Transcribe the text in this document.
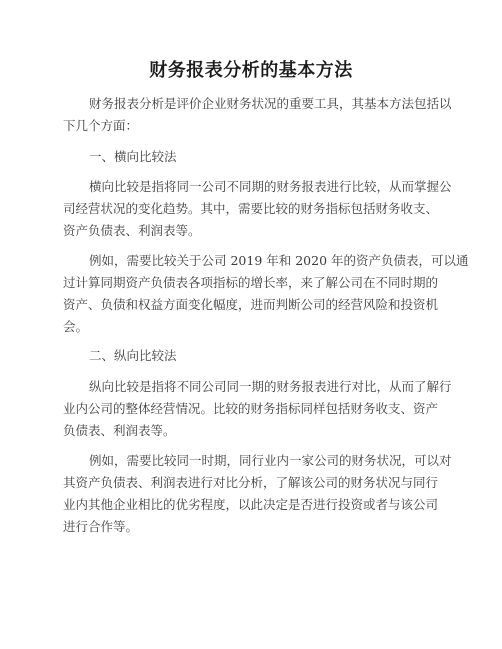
财务报表分析的基本方法
财务报表分析是评价企业财务状况的重要工具，其基本方法包括以
下几个方面：
一、横向比较法
横向比较是指将同一公司不同期的财务报表进行比较，从而掌握公
司经营状况的变化趋势。其中，需要比较的财务指标包括财务收支、
资产负债表、利润表等。
例如，需要比较关于公司 2019 年和 2020 年的资产负债表，可以通
过计算同期资产负债表各项指标的增长率，来了解公司在不同时期的
资产、负债和权益方面变化幅度，进而判断公司的经营风险和投资机
会。
二、纵向比较法
纵向比较是指将不同公司同一期的财务报表进行对比，从而了解行
业内公司的整体经营情况。比较的财务指标同样包括财务收支、资产
负债表、利润表等。
例如，需要比较同一时期，同行业内一家公司的财务状况，可以对
其资产负债表、利润表进行对比分析，了解该公司的财务状况与同行
业内其他企业相比的优劣程度，以此决定是否进行投资或者与该公司
进行合作等。
